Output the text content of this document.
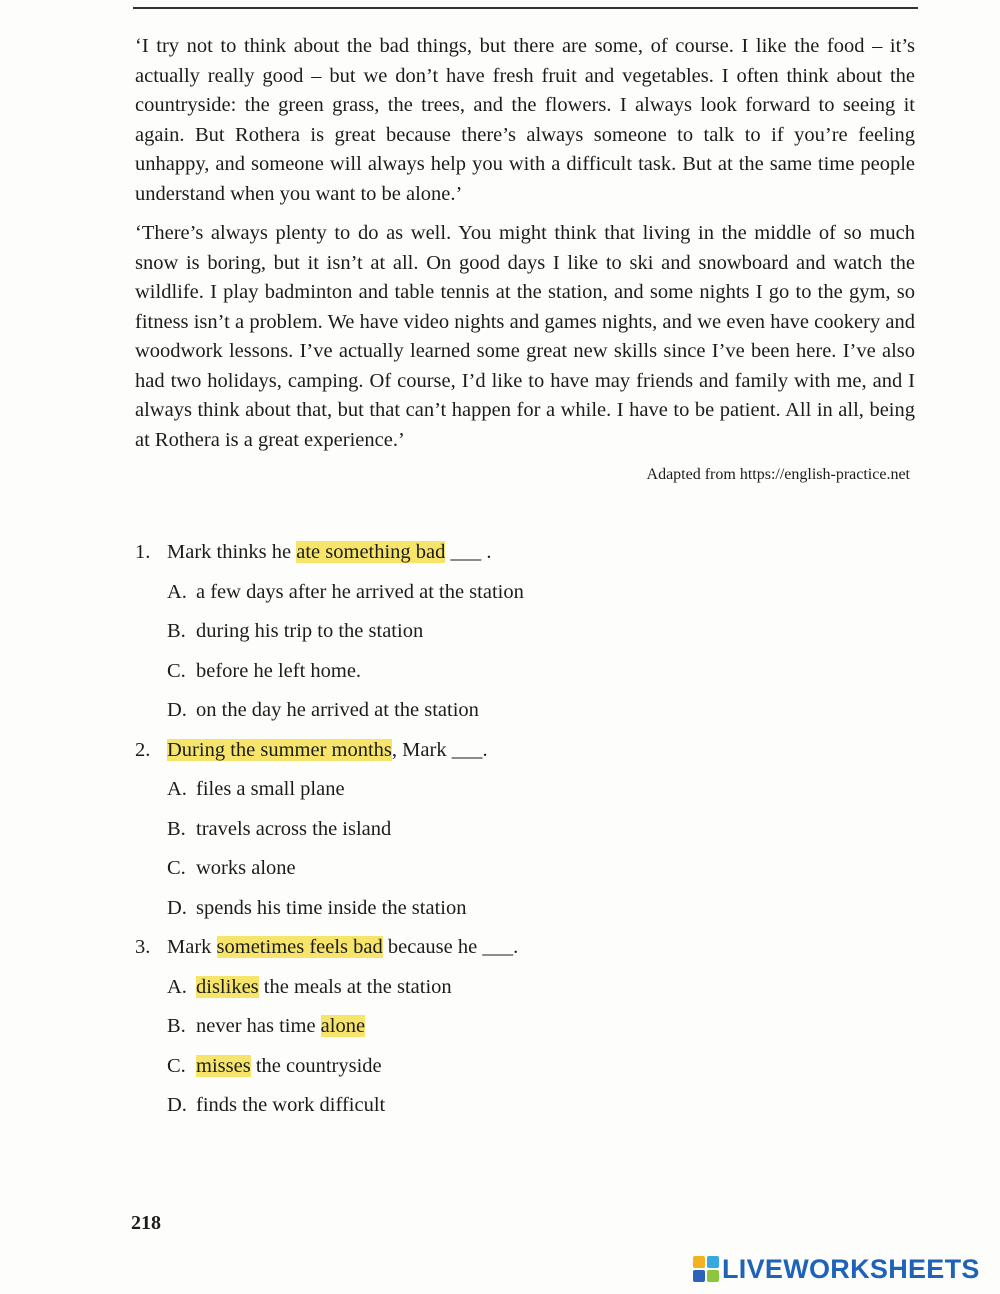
‘I try not to think about the bad things, but there are some, of course. I like the food – it’s actually really good – but we don’t have fresh fruit and vegetables. I often think about the countryside: the green grass, the trees, and the flowers. I always look forward to seeing it again. But Rothera is great because there’s always someone to talk to if you’re feeling unhappy, and someone will always help you with a difficult task. But at the same time people understand when you want to be alone.’

‘There’s always plenty to do as well. You might think that living in the middle of so much snow is boring, but it isn’t at all. On good days I like to ski and snowboard and watch the wildlife. I play badminton and table tennis at the station, and some nights I go to the gym, so fitness isn’t a problem. We have video nights and games nights, and we even have cookery and woodwork lessons. I’ve actually learned some great new skills since I’ve been here. I’ve also had two holidays, camping. Of course, I’d like to have may friends and family with me, and I always think about that, but that can’t happen for a while. I have to be patient. All in all, being at Rothera is a great experience.’

Adapted from https://english-practice.net
1. Mark thinks he ate something bad ___ .
A. a few days after he arrived at the station
B. during his trip to the station
C. before he left home.
D. on the day he arrived at the station
2. During the summer months, Mark ___.
A. files a small plane
B. travels across the island
C. works alone
D. spends his time inside the station
3. Mark sometimes feels bad because he ___.
A. dislikes the meals at the station
B. never has time alone
C. misses the countryside
D. finds the work difficult
218
LIVEWORKSHEETS
